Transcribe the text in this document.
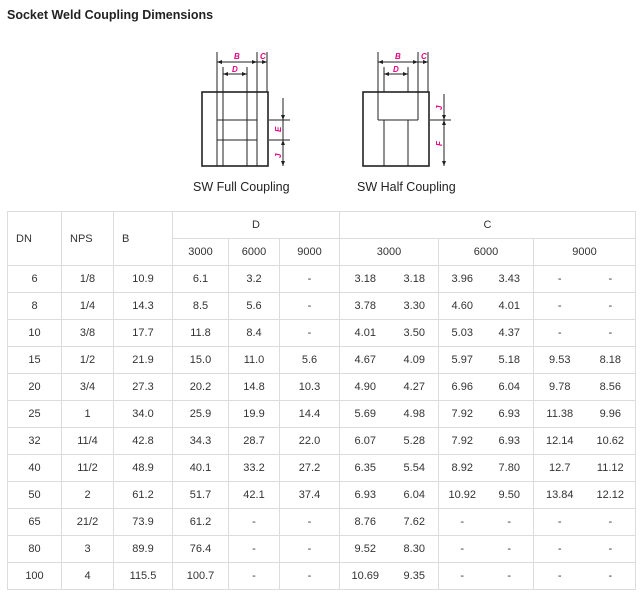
Socket Weld Coupling Dimensions
B	C
D
E
J
SW Full Coupling
B	C
D
J
F
SW Half Coupling
DN	NPS	B	D			C					
			3000	6000	9000	3000		6000		9000	
6	1/8	10.9	6.1	3.2	-	3.18	3.18	3.96	3.43	-	-
8	1/4	14.3	8.5	5.6	-	3.78	3.30	4.60	4.01	-	-
10	3/8	17.7	11.8	8.4	-	4.01	3.50	5.03	4.37	-	-
15	1/2	21.9	15.0	11.0	5.6	4.67	4.09	5.97	5.18	9.53	8.18
20	3/4	27.3	20.2	14.8	10.3	4.90	4.27	6.96	6.04	9.78	8.56
25	1	34.0	25.9	19.9	14.4	5.69	4.98	7.92	6.93	11.38	9.96
32	11/4	42.8	34.3	28.7	22.0	6.07	5.28	7.92	6.93	12.14	10.62
40	11/2	48.9	40.1	33.2	27.2	6.35	5.54	8.92	7.80	12.7	11.12
50	2	61.2	51.7	42.1	37.4	6.93	6.04	10.92	9.50	13.84	12.12
65	21/2	73.9	61.2	-	-	8.76	7.62	-	-	-	-
80	3	89.9	76.4	-	-	9.52	8.30	-	-	-	-
100	4	115.5	100.7	-	-	10.69	9.35	-	-	-	-
